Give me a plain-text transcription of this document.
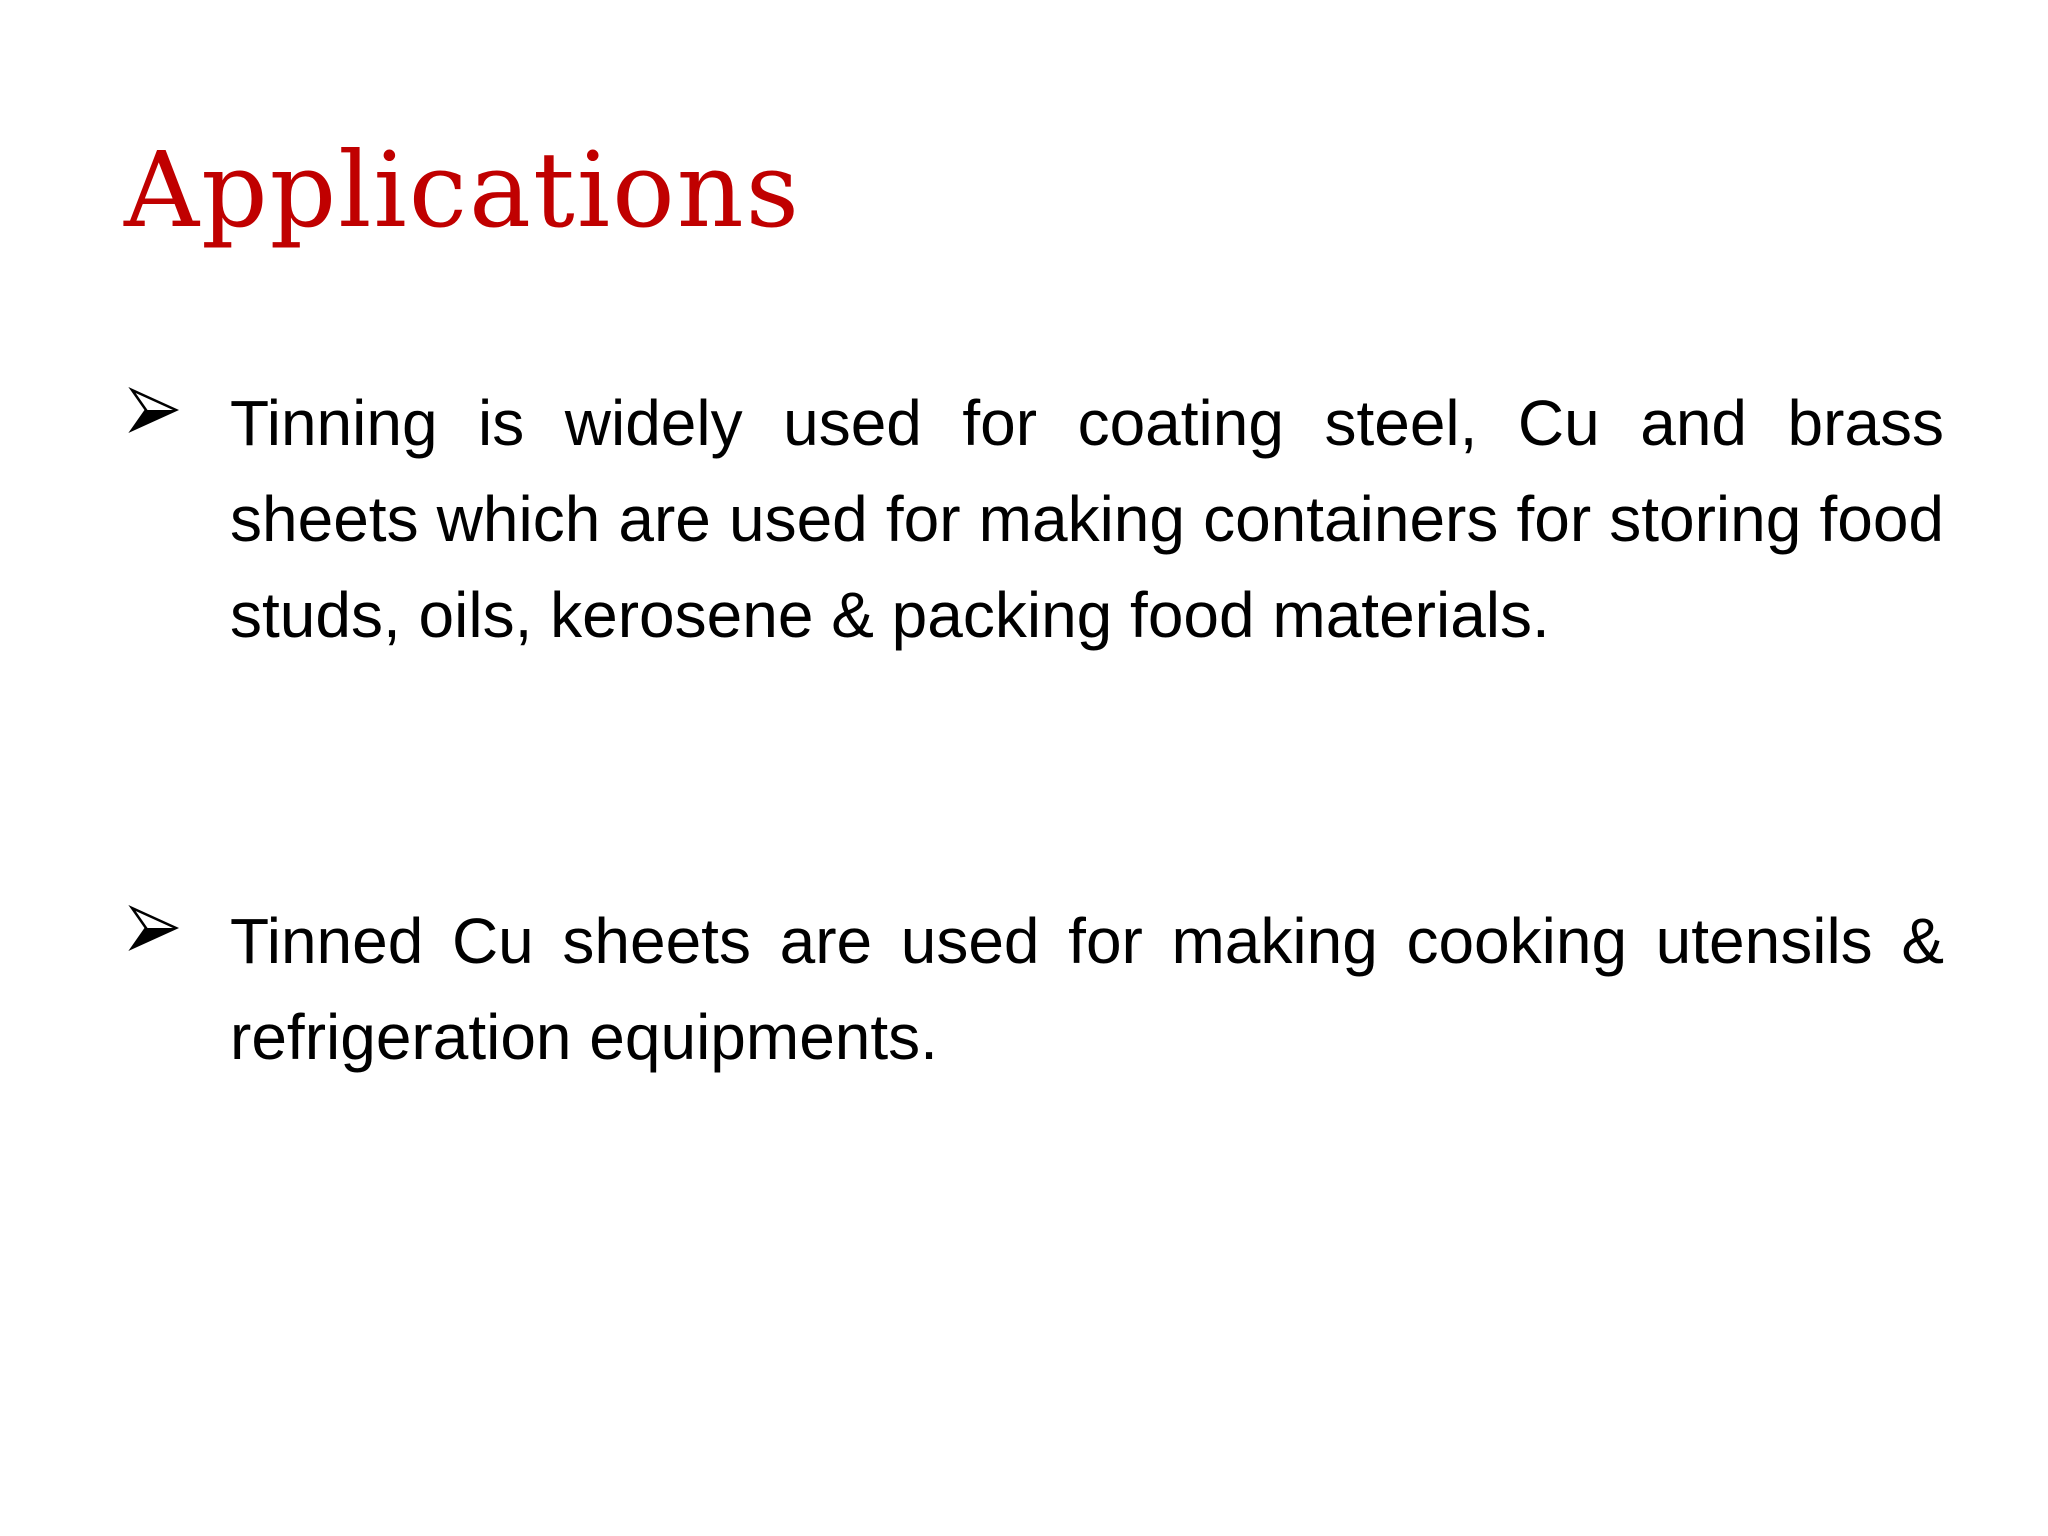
Applications

Tinning is widely used for coating steel, Cu and brass sheets which are used for making containers for storing food studs, oils, kerosene & packing food materials.

Tinned Cu sheets are used for making cooking utensils & refrigeration equipments.
